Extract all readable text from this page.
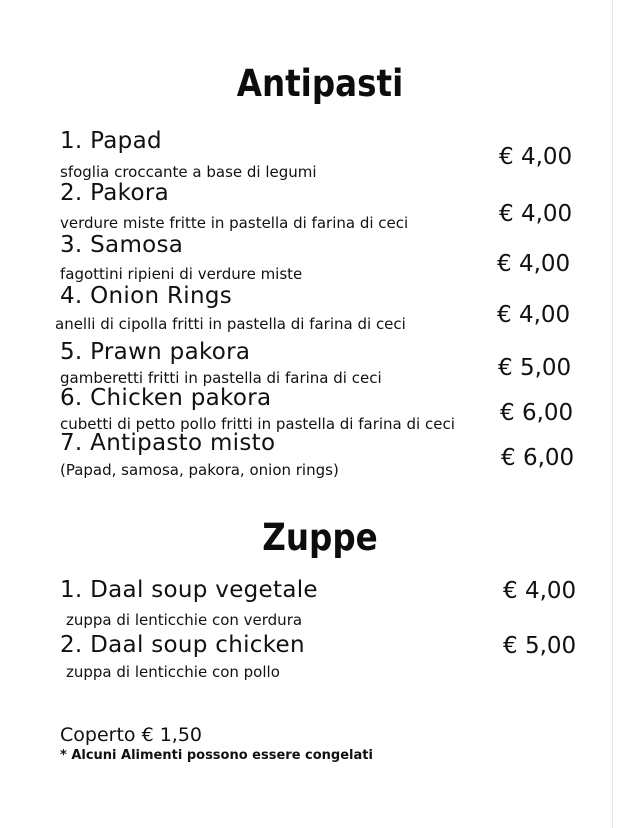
Antipasti
1. Papad
sfoglia croccante a base di legumi
€ 4,00
2. Pakora
verdure miste fritte in pastella di farina di ceci	€ 4,00
3. Samosa
fagottini ripieni di verdure miste	€ 4,00
4. Onion Rings
anelli di cipolla fritti in pastella di farina di ceci	€ 4,00
5. Prawn pakora
gamberetti fritti in pastella di farina di ceci	€ 5,00
6. Chicken pakora
cubetti di petto pollo fritti in pastella di farina di ceci € 6,00
7. Antipasto misto
(Papad, samosa, pakora, onion rings)	€ 6,00
Zuppe
1. Daal soup vegetale
zuppa di lenticchie con verdura
€ 4,00
2. Daal soup chicken
zuppa di lenticchie con pollo
€ 5,00
Coperto € 1,50
* Alcuni Alimenti possono essere congelati
